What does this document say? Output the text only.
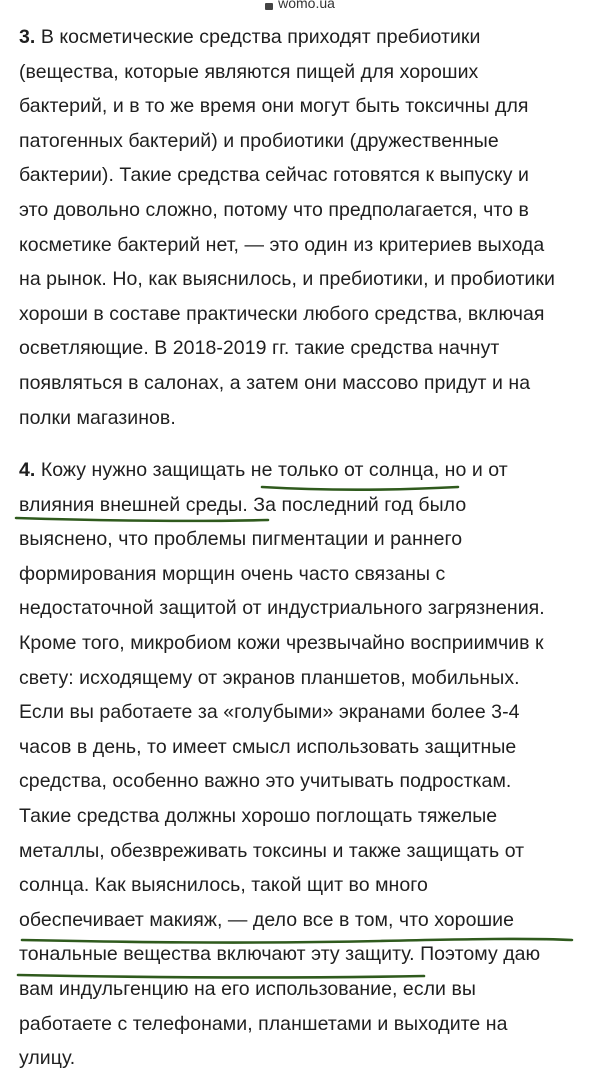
womo.ua
3. В косметические средства приходят пребиотики
(вещества, которые являются пищей для хороших
бактерий, и в то же время они могут быть токсичны для
патогенных бактерий) и пробиотики (дружественные
бактерии). Такие средства сейчас готовятся к выпуску и
это довольно сложно, потому что предполагается, что в
косметике бактерий нет, — это один из критериев выхода
на рынок. Но, как выяснилось, и пребиотики, и пробиотики
хороши в составе практически любого средства, включая
осветляющие. В 2018-2019 гг. такие средства начнут
появляться в салонах, а затем они массово придут и на
полки магазинов.
4. Кожу нужно защищать не только от солнца, но и от
влияния внешней среды. За последний год было
выяснено, что проблемы пигментации и раннего
формирования морщин очень часто связаны с
недостаточной защитой от индустриального загрязнения.
Кроме того, микробиом кожи чрезвычайно восприимчив к
свету: исходящему от экранов планшетов, мобильных.
Если вы работаете за «голубыми» экранами более 3-4
часов в день, то имеет смысл использовать защитные
средства, особенно важно это учитывать подросткам.
Такие средства должны хорошо поглощать тяжелые
металлы, обезвреживать токсины и также защищать от
солнца. Как выяснилось, такой щит во много
обеспечивает макияж, — дело все в том, что хорошие
тональные вещества включают эту защиту. Поэтому даю
вам индульгенцию на его использование, если вы
работаете с телефонами, планшетами и выходите на
улицу.
